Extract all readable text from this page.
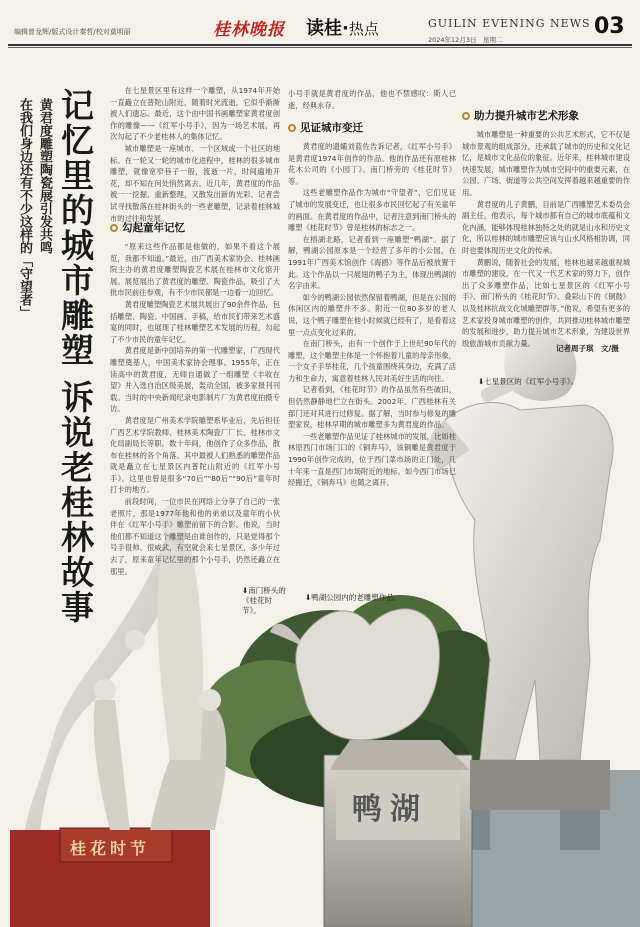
编辑曾龙辉/版式设计秦哲/校对莫明丽	桂林晚报 读桂·热点	GUILIN EVENING NEWS
2024年12月3日　星期二
03
黄君度雕塑陶瓷展引发共鸣
在我们身边还有不少这样的「守望者」 记忆里的城市雕塑
诉说老桂林故事

在七星景区里有这样一个雕塑，从1974年开始一直矗立在普陀山附近，随着时光流逝，它似乎渐渐被人们遗忘。最近，这个由中国书画雕塑家黄君度创作的雕像——《红军小号手》，因为一场艺术展，再次勾起了不少老桂林人的集体记忆。

城市雕塑是一座城市、一个区域或一个社区的地标。在一轮又一轮的城市化进程中，桂林的很多城市雕塑，就像宽窄巷子一般，流逝一片，时间遍地开花，却不知在何处悄然离去。近几年，黄君度的作品被一一挖掘、重新整理，又散发出新的光彩。记者尝试寻找散落在桂林街头的一些老雕塑，记录着桂林城市的过往和发展。

勾起童年记忆

“原来这些作品都是他做的，如果不看这个展览，我都不知道。”最近，由广西美术家协会、桂林画院主办的黄君度雕塑陶瓷艺术展在桂林市文化馆开展。展览展出了黄君度的雕塑、陶瓷作品，吸引了大批市民前往参观，有不少市民都是一边看一边回忆。

黄君度雕塑陶瓷艺术展共展出了90余件作品，包括雕塑、陶瓷、中国画、手稿，给市民们带来艺术盛宴的同时，也展现了桂林雕塑艺术发展的历程，勾起了不少市民的童年记忆。

黄君度是新中国培养的第一代雕塑家，广西现代雕塑奠基人，中国美术家协会理事。1955年，正在读高中的黄君度，无师自通做了一组雕塑《丰收在望》并入选自治区级美展，轰动全国，被多家报刊刊载。当时的中央新闻纪录电影制片厂为黄君度拍摄专访。

黄君度是广州美术学院雕塑系毕业后，先后担任广西艺术学院教师、桂林美术陶瓷厂厂长、桂林市文化局副局长等职。数十年间，他创作了众多作品，散布在桂林的各个角落。其中最被人们熟悉的雕塑作品就是矗立在七星景区内普陀山附近的《红军小号手》。这里也曾是很多“70后”“80后”“90后”童年时打卡的地方。

前段时间，一位市民在网络上分享了自己的一张老照片，那是1977年他和他的弟弟以及童年的小伙伴在《红军小号手》雕塑前留下的合影。他说，当时他们都不知道这个雕塑是由谁创作的，只是觉得那个号手很帅、很威武，有空就会来七星景区，多少年过去了，原来童年记忆里的那个小号手，仍然还矗立在那里。

⬇南门桥头的《桂花时节》。

小号手就是黄君度的作品，他也不禁感叹：斯人已逝，经典永存。

见证城市变迁

黄君度的遗孀刘蓝佐告诉记者，《红军小号手》是黄君度1974年创作的作品。他的作品还有原桂林花木公司的《小园丁》、南门桥旁的《桂花时节》等。

这些老雕塑作品作为城市“守望者”，它们见证了城市的发展变迁，也让很多市民回忆起了有关童年的画面。在黄君度的作品中，记者注意到南门桥头的雕塑《桂花时节》曾是桂林的标志之一。

在榕湖北路，记者看到一座雕塑“鸭湖”。据了解，鸭湖公园原本是一个经营了多年的小公园，在1991年广西美术馆创作《海鸥》等作品后被放置于此。这个作品以一只展翅的鸭子为主，体现出鸭湖的名字由来。

如今的鸭湖公园依然保留着鸭湖，但是在公园的休闲区内的雕塑并不多。附近一位80多岁的老人说，这个鸭子雕塑在他小时候就已经有了，是看着这里一点点变化过来的。

在南门桥头，由有一个创作于上世纪90年代的雕塑，这个雕塑主体是一个怀抱着儿童的母亲形象，一个女子手举桂花，几个孩童围绕其身边，充满了活力和生命力，寓意着桂林人民对美好生活的向往。

记者看到，《桂花时节》的作品虽然有些破旧，但仍然静静地伫立在街头。2002年，广西桂林有关部门还对其进行过修复。据了解，当时参与修复的雕塑家说，桂林早期的城市雕塑多为黄君度的作品。

一些老雕塑作品见证了桂林城市的发展，比如桂林原西门市场门口的《铜奔马》，该铜雕是黄君度于1990年创作完成的，位于西门菜市场的正门处，几十年来一直是西门市场附近的地标。如今西门市场已经搬迁，《铜奔马》也随之离开。

⬇鸭湖公园内的老雕塑作品。
助力提升城市艺术形象

城市雕塑是一种重要的公共艺术形式，它不仅是城市景观的组成部分，还承载了城市的历史和文化记忆，是城市文化品位的象征。近年来，桂林城市建设快速发展，城市雕塑作为城市空间中的重要元素，在公园、广场、街道等公共空间发挥着越来越重要的作用。

黄君度的儿子黄鹏，目前是广西雕塑艺术委员会副主任，他表示，每个城市都有自己的城市底蕴和文化内涵，能够体现桂林独特之处的就是山水和历史文化，所以桂林的城市雕塑应该与山水风格相协调，同时也要体现历史文化的传承。

黄鹏说，随着社会的发展，桂林也越来越重视城市雕塑的建设，在一代又一代艺术家的努力下，创作出了众多雕塑作品，比如七星景区的《红军小号手》、南门桥头的《桂花时节》、叠彩山下的《铜鼓》以及桂林抗战文化城雕塑群等。”他说，希望有更多的艺术家投身城市雕塑的创作，共同推动桂林城市雕塑的发展和进步，助力提升城市艺术形象，为建设世界级旅游城市贡献力量。

记者周子琪　文/摄
⬇七星景区的《红军小号手》。
桂花时节
鸭湖
